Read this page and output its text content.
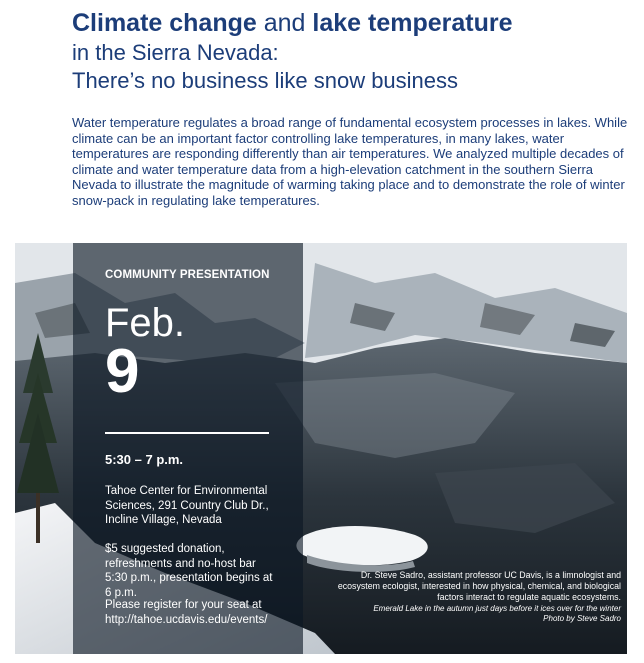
Climate change and lake temperature
in the Sierra Nevada:
There’s no business like snow business
Water temperature regulates a broad range of fundamental ecosystem processes in lakes. While climate can be an important factor controlling lake temperatures, in many lakes, water temperatures are responding differently than air temperatures. We analyzed multiple decades of climate and water temperature data from a high-elevation catchment in the southern Sierra Nevada to illustrate the magnitude of warming taking place and to demonstrate the role of winter snow-pack in regulating lake temperatures.
COMMUNITY PRESENTATION
Feb.
9
5:30 – 7 p.m.
Tahoe Center for Environmental Sciences, 291 Country Club Dr., Incline Village, Nevada
$5 suggested donation, refreshments and no-host bar 5:30 p.m., presentation begins at 6 p.m.
Please register for your seat at http://tahoe.ucdavis.edu/events/
Dr. Steve Sadro, assistant professor UC Davis, is a limnologist and ecosystem ecologist, interested in how physical, chemical, and biological factors interact to regulate aquatic ecosystems.
Emerald Lake in the autumn just days before it ices over for the winter
Photo by Steve Sadro
